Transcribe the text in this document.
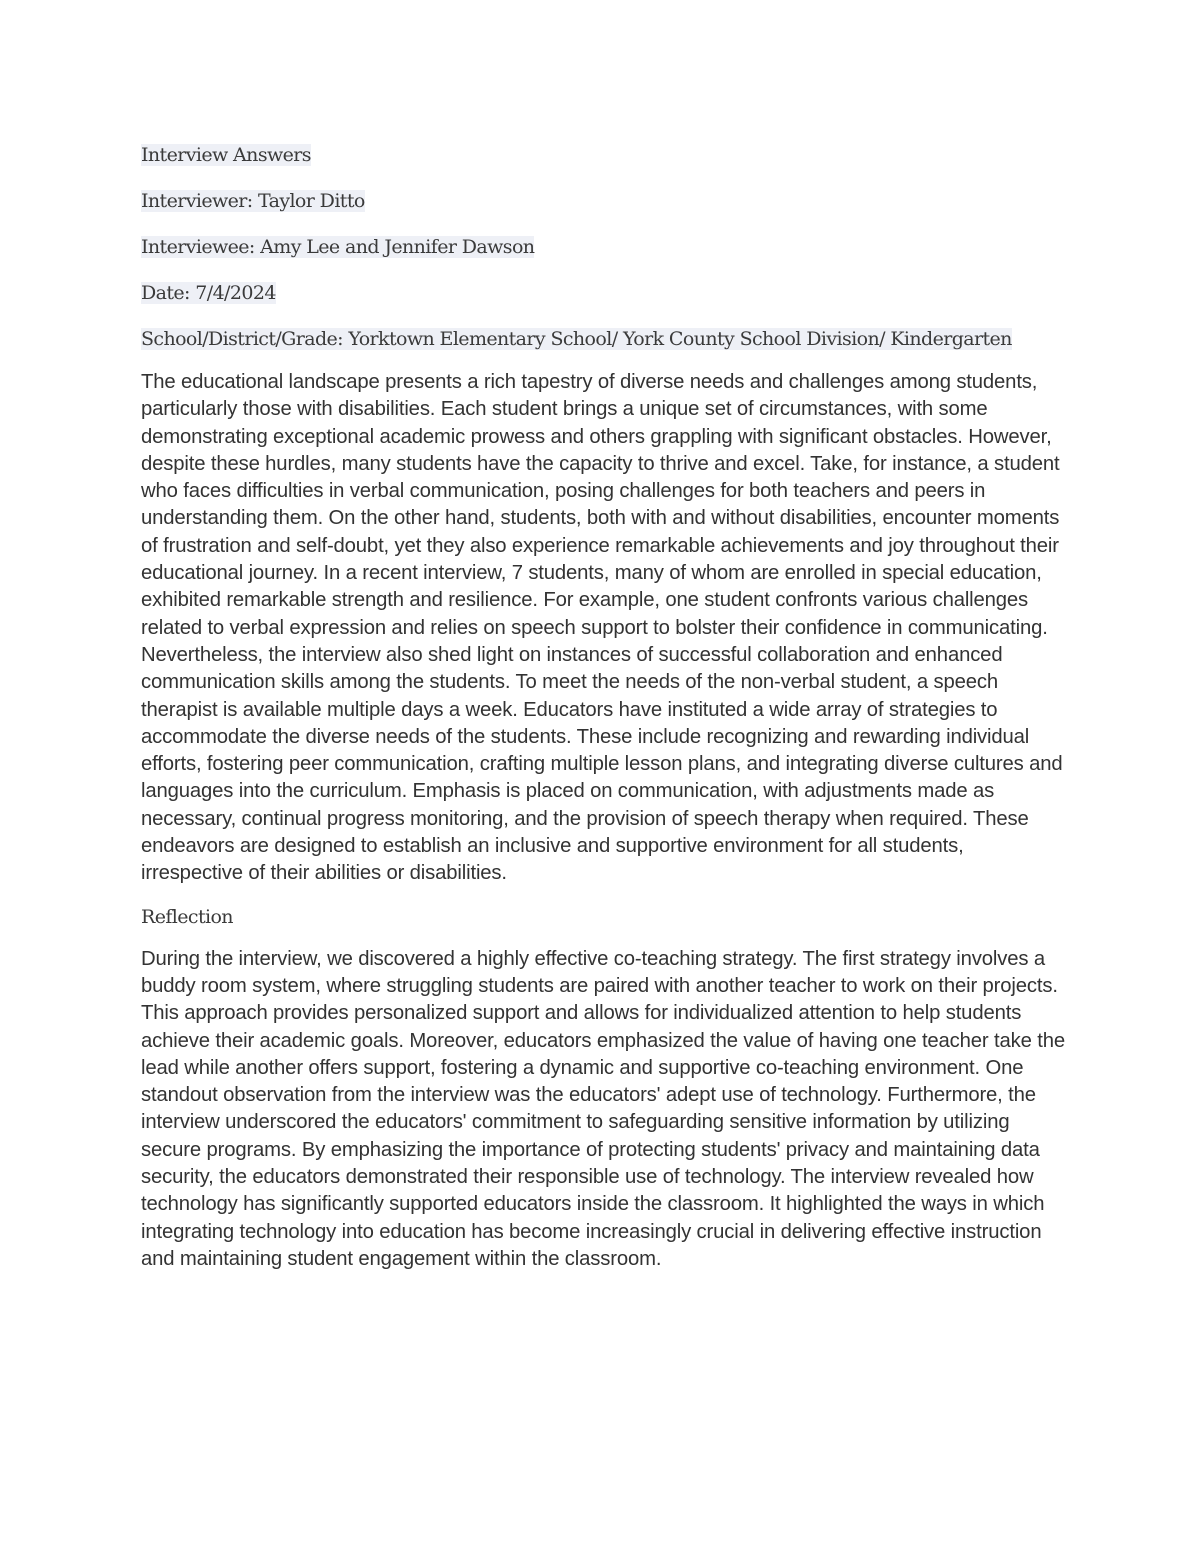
Interview Answers

Interviewer: Taylor Ditto

Interviewee: Amy Lee and Jennifer Dawson

Date: 7/4/2024

School/District/Grade: Yorktown Elementary School/ York County School Division/ Kindergarten

The educational landscape presents a rich tapestry of diverse needs and challenges among students, particularly those with disabilities. Each student brings a unique set of circumstances, with some demonstrating exceptional academic prowess and others grappling with significant obstacles. However, despite these hurdles, many students have the capacity to thrive and excel. Take, for instance, a student who faces difficulties in verbal communication, posing challenges for both teachers and peers in understanding them. On the other hand, students, both with and without disabilities, encounter moments of frustration and self-doubt, yet they also experience remarkable achievements and joy throughout their educational journey. In a recent interview, 7 students, many of whom are enrolled in special education, exhibited remarkable strength and resilience. For example, one student confronts various challenges related to verbal expression and relies on speech support to bolster their confidence in communicating. Nevertheless, the interview also shed light on instances of successful collaboration and enhanced communication skills among the students. To meet the needs of the non-verbal student, a speech therapist is available multiple days a week. Educators have instituted a wide array of strategies to accommodate the diverse needs of the students. These include recognizing and rewarding individual efforts, fostering peer communication, crafting multiple lesson plans, and integrating diverse cultures and languages into the curriculum. Emphasis is placed on communication, with adjustments made as necessary, continual progress monitoring, and the provision of speech therapy when required. These endeavors are designed to establish an inclusive and supportive environment for all students, irrespective of their abilities or disabilities.

Reflection

During the interview, we discovered a highly effective co-teaching strategy. The first strategy involves a buddy room system, where struggling students are paired with another teacher to work on their projects. This approach provides personalized support and allows for individualized attention to help students achieve their academic goals. Moreover, educators emphasized the value of having one teacher take the lead while another offers support, fostering a dynamic and supportive co-teaching environment. One standout observation from the interview was the educators' adept use of technology. Furthermore, the interview underscored the educators' commitment to safeguarding sensitive information by utilizing secure programs. By emphasizing the importance of protecting students' privacy and maintaining data security, the educators demonstrated their responsible use of technology. The interview revealed how technology has significantly supported educators inside the classroom. It highlighted the ways in which integrating technology into education has become increasingly crucial in delivering effective instruction and maintaining student engagement within the classroom.
